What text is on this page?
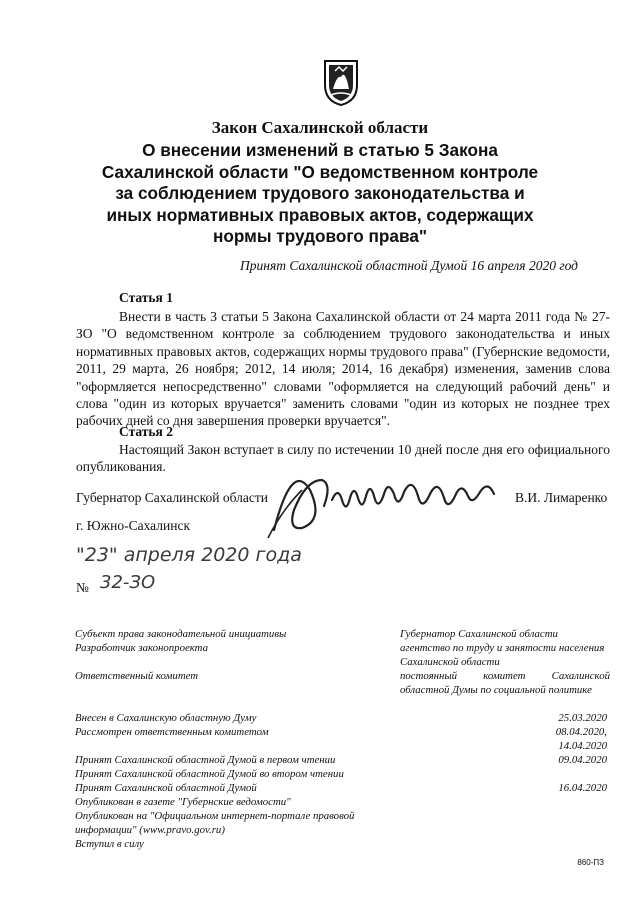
Закон Сахалинской области
О внесении изменений в статью 5 Закона
Сахалинской области "О ведомственном контроле
за соблюдением трудового законодательства и
иных нормативных правовых актов, содержащих
нормы трудового права"
Принят Сахалинской областной Думой 16 апреля 2020 год
Статья 1
Внести в часть 3 статьи 5 Закона Сахалинской области от 24 марта 2011 года № 27-ЗО "О ведомственном контроле за соблюдением трудового законодательства и иных нормативных правовых актов, содержащих нормы трудового права" (Губернские ведомости, 2011, 29 марта, 26 ноября; 2012, 14 июля; 2014, 16 декабря) изменения, заменив слова "оформляется непосредственно" словами "оформляется на следующий рабочий день" и слова "один из которых вручается" заменить словами "один из которых не позднее трех рабочих дней со дня завершения проверки вручается".
Статья 2
Настоящий Закон вступает в силу по истечении 10 дней после дня его официального опубликования.
Губернатор Сахалинской области	В.И. Лимаренко
г. Южно-Сахалинск
"23" апреля 2020 года
№ 32-ЗО
Субъект права законодательной инициативы	Губернатор Сахалинской области
Разработчик законопроекта	агентство по труду и занятости населения Сахалинской области
Ответственный комитет	постоянный комитет Сахалинской областной Думы по социальной политике
Внесен в Сахалинскую областную Думу	25.03.2020
Рассмотрен ответственным комитетом	08.04.2020,
14.04.2020
Принят Сахалинской областной Думой в первом чтении	09.04.2020
Принят Сахалинской областной Думой во втором чтении
Принят Сахалинской областной Думой	16.04.2020
Опубликован в газете "Губернские ведомости"
Опубликован на "Официальном интернет-портале правовой
информации" (www.pravo.gov.ru)
Вступил в силу
860-ПЗ
